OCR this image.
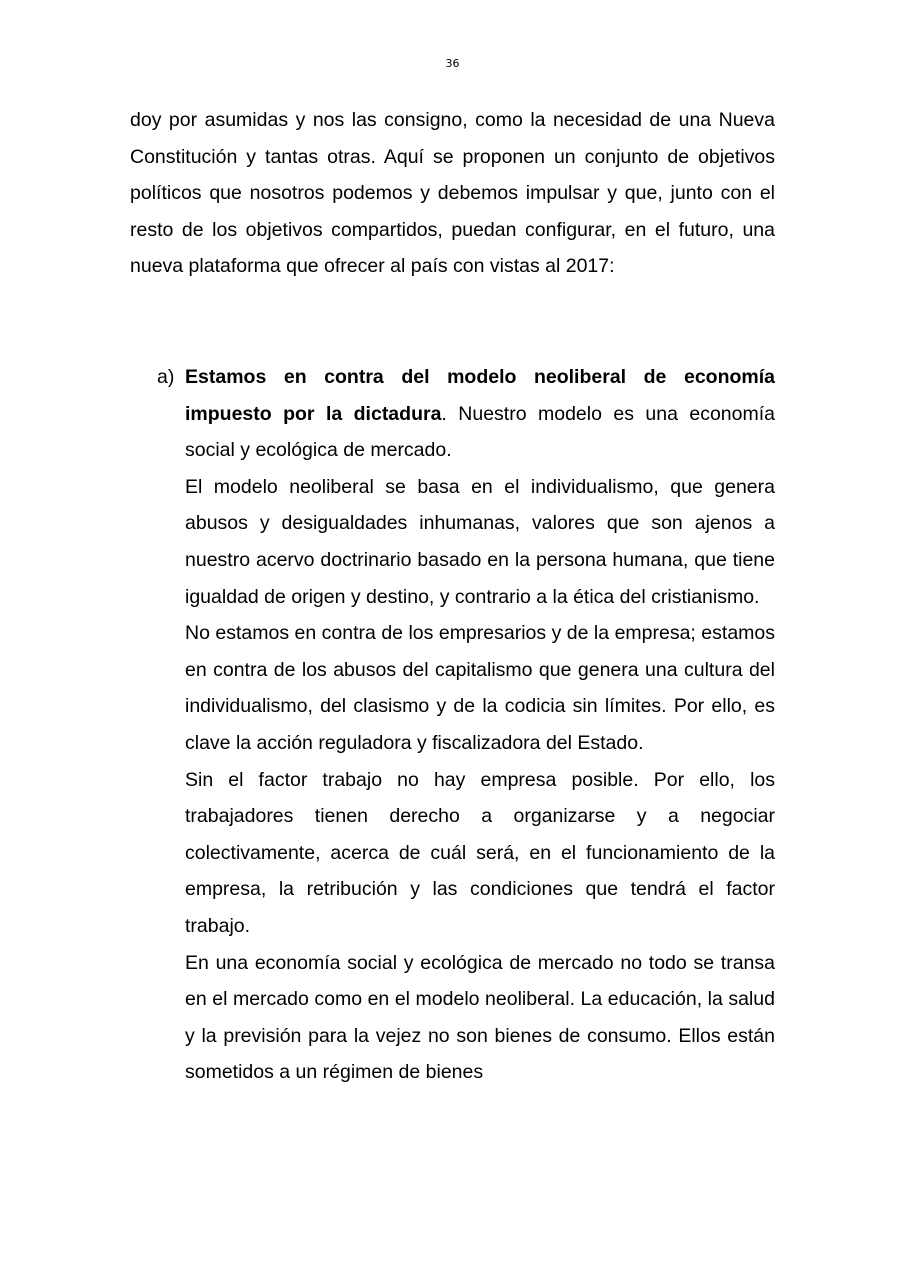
36

doy por asumidas y nos las consigno, como la necesidad de una Nueva Constitución y tantas otras. Aquí se proponen un conjunto de objetivos políticos que nosotros podemos y debemos impulsar y que, junto con el resto de los objetivos compartidos, puedan configurar, en el futuro, una nueva plataforma que ofrecer al país con vistas al 2017:

a) Estamos en contra del modelo neoliberal de economía impuesto por la dictadura. Nuestro modelo es una economía social y ecológica de mercado.

El modelo neoliberal se basa en el individualismo, que genera abusos y desigualdades inhumanas, valores que son ajenos a nuestro acervo doctrinario basado en la persona humana, que tiene igualdad de origen y destino, y contrario a la ética del cristianismo.

No estamos en contra de los empresarios y de la empresa; estamos en contra de los abusos del capitalismo que genera una cultura del individualismo, del clasismo y de la codicia sin límites. Por ello, es clave la acción reguladora y fiscalizadora del Estado.

Sin el factor trabajo no hay empresa posible. Por ello, los trabajadores tienen derecho a organizarse y a negociar colectivamente, acerca de cuál será, en el funcionamiento de la empresa, la retribución y las condiciones que tendrá el factor trabajo.

En una economía social y ecológica de mercado no todo se transa en el mercado como en el modelo neoliberal. La educación, la salud y la previsión para la vejez no son bienes de consumo. Ellos están sometidos a un régimen de bienes
